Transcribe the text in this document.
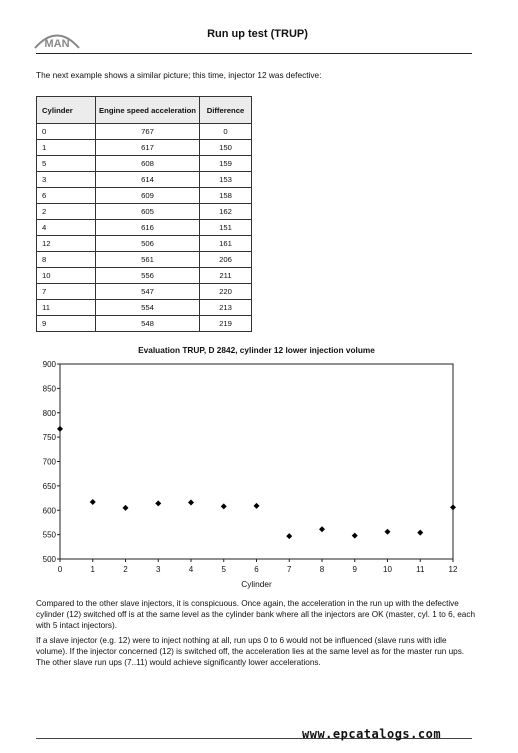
MAN
Run up test (TRUP)
The next example shows a similar picture; this time, injector 12 was defective:
Cylinder	Engine speed acceleration	Difference
0	767	0
1	617	150
5	608	159
3	614	153
6	609	158
2	605	162
4	616	151
12	506	161
8	561	206
10	556	211
7	547	220
11	554	213
9	548	219
Evaluation TRUP, D 2842, cylinder 12 lower injection volume
500
550
600
650
700
750
800
850
900
0	1	2	3	4	5	6	7	8	9	10	11	12
Cylinder

Compared to the other slave injectors, it is conspicuous. Once again, the acceleration in the run up with the defective cylinder (12) switched off is at the same level as the cylinder bank where all the injectors are OK (master, cyl. 1 to 6, each with 5 intact injectors).

If a slave injector (e.g. 12) were to inject nothing at all, run ups 0 to 6 would not be influenced (slave runs with idle volume). If the injector concerned (12) is switched off, the acceleration lies at the same level as for the master run ups. The other slave run ups (7..11) would achieve significantly lower accelerations.

www.epcatalogs.com
